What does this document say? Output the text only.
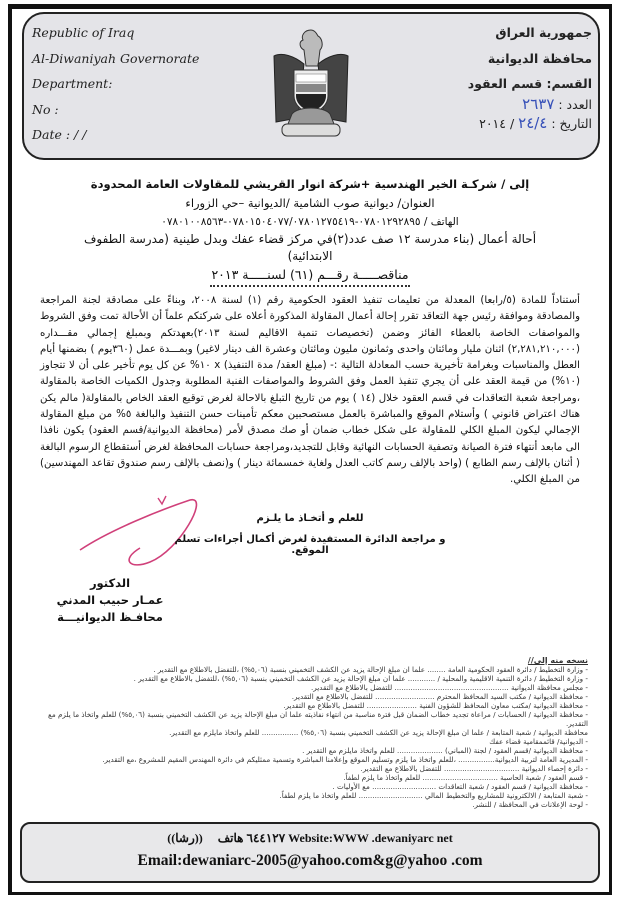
Republic of Iraq
Al-Diwaniyah Governorate
Department:
No :
Date : / /
جمهورية العراق
محافظة الديوانية
القسم: قسم العقود
العدد : ٢٦٣٧
التاريخ : ٢٤/٤ / ٢٠١٤
إلى / شركـة الخير الهندسية +شركة انوار القريشي للمقاولات العامة المحدودة
العنوان/ ديوانية صوب الشامية /الديوانية –حي الزوراء
الهاتف / ٠٧٨٠١٢٩٢٨٩٥-٠٧٨٠١٥٠٤٠٧٧/٠٧٨٠١٢٧٥٤١٩-٠٧٨٠١٠٠٨٥٦٣
أحالة أعمال (بناء مدرسة ١٢ صف عدد(٢)في مركز قضاء عفك وبدل طينية (مدرسة الطفوف الابتدائية)
مناقصـــــة رقـــم (٦١) لسنـــــة ٢٠١٣
أستناداً للمادة (٥/رابعا) المعدلة من تعليمات تنفيذ العقود الحكومية رقم (١) لسنة ٢٠٠٨، وبناءً على مصادقة لجنة المراجعة والمصادقة وموافقة رئيس جهة التعاقد تقرر إحالة أعمال المقاولة المذكورة أعلاه على شركتكم علماً أن الأحالة تمت وفق الشروط والمواصفات الخاصة بالعطاء الفائز وضمن (تخصيصات تنمية الاقاليم لسنة ٢٠١٣)بعهدتكم وبمبلغ إجمالي مقـــداره (٢,٢٨١,٢١٠,٠٠٠) اثنان مليار ومائتان واحدى وثمانون مليون ومائتان وعشرة الف دينار لاغير) وبمـــدة عمل (٣٦٠يوم ) بضمنها أيام العطل والمناسبات وبغرامة تأخيرية حسب المعادلة التالية :- (مبلغ العقد/ مدة التنفيذ) x ١٠% عن كل يوم تأخير على أن لا تتجاوز (١٠%) من قيمة العقد على أن يجري تنفيذ العمل وفق الشروط والمواصفات الفنية المطلوبة وجدول الكميات الخاصة بالمقاولة ،ومراجعة شعبة التعاقدات في قسم العقود خلال (١٤ ) يوم من تاريخ التبلغ بالاحالة لغرض توقيع العقد الخاص بالمقاولة( مالم يكن هناك اعتراض قانوني ) وأستلام الموقع والمباشرة بالعمل مستصحبين معكم تأمينات حسن التنفيذ والبالغة ٥% من مبلغ المقاولة الإجمالي ليكون المبلغ الكلي للمقاولة على شكل خطاب ضمان أو صك مصدق لأمر (محافظة الديوانية/قسم العقود) يكون نافذا الى مابعد أنتهاء فترة الصيانة وتصفية الحسابات النهائية وقابل للتجديد،ومراجعة حسابات المحافظة لغرض أستقطاع الرسوم البالغة ( أثنان بالإلف رسم الطابع ) (واحد بالإلف رسم كاتب العدل ولغاية خمسمائة دينار ) و(نصف بالإلف رسم صندوق تقاعد المهندسين) من المبلغ الكلي.
للعلم و أتخـاذ ما يلـزم
و مراجعة الدائرة المستفيدة لغرض أكمال أجراءات تسلم الموقع.
الدكتور
عمـار حبيب المدني
محافـظ الديوانيـــة
نسخه منه إلى//
- وزارة التخطيط / دائرة العقود الحكومية العامة ........ علما ان مبلغ الإحالة يزيد عن الكشف التخميني بنسبة (٥,٠٦%) ،للتفضل بالاطلاع مع التقدير .
- وزارة التخطيط / دائرة التنمية الاقليمية والمحلية / ............ علما ان مبلغ الإحالة يزيد عن الكشف التخميني بنسبة (٥,٠٦%) ،للتفضل بالاطلاع مع التقدير .
- مجلس محافظة الديوانية .................................................. للتفضل بالاطلاع مع التقدير.
- محافظة الديوانية / مكتب السيد المحافظ المحترم .......................... للتفضل بالاطلاع مع التقدير.
- محافظة الديوانية /مكتب معاون المحافظ للشؤون الفنية ...................... للتفضل بالاطلاع مع التقدير.
- محافظة الديوانية / الحسابات / مراعاة تجديد خطاب الضمان قبل فترة مناسبة من انتهاء نفاذيته علما ان مبلغ الإحالة يزيد عن الكشف التخميني بنسبة (٥,٠٦%) للعلم واتخاذ ما يلزم مع التقدير.
محافظة الديوانية / شعبة المتابعة / علما ان مبلغ الإحالة يزيد عن الكشف التخميني بنسبة (٥,٠٦%) ................ للعلم واتخاذ مايلزم مع التقدير.
- الديوانية/ قائممقامية قضاء عفك
- محافظة الديوانية /قسم العقود / لجنة (المباني) .................... للعلم واتخاذ مايلزم مع التقدير .
- المديرية العامة لتربية الديوانية................ ،للعلم واتخاذ ما يلزم وتسليم الموقع وإعلامنا المباشرة وتسمية ممثليكم في دائرة المهندس المقيم للمشروع ،مع التقدير.
- دائرة إحصاء الديوانية ................................. للتفضل بالاطلاع مع التقدير.
- قسم العقود / شعبة الحاسبة ................................. للعلم واتخاذ ما يلزم لطفاً.
- محافظة الديوانية / قسم العقود / شعبة التعاقدات ............................ مع الأوليات .
- شعبة المتابعة / الالكترونية للمشاريع والتخطيط المالي ............................ للعلم واتخاذ ما يلزم لطفاً.
- لوحة الإعلانات في المحافظة / للنشر.
٦٤٤١٢٧ هاتف     ((رشا))	Website:WWW .dewaniyarc net
Email:dewaniarc-2005@yahoo.com&g@yahoo .com
